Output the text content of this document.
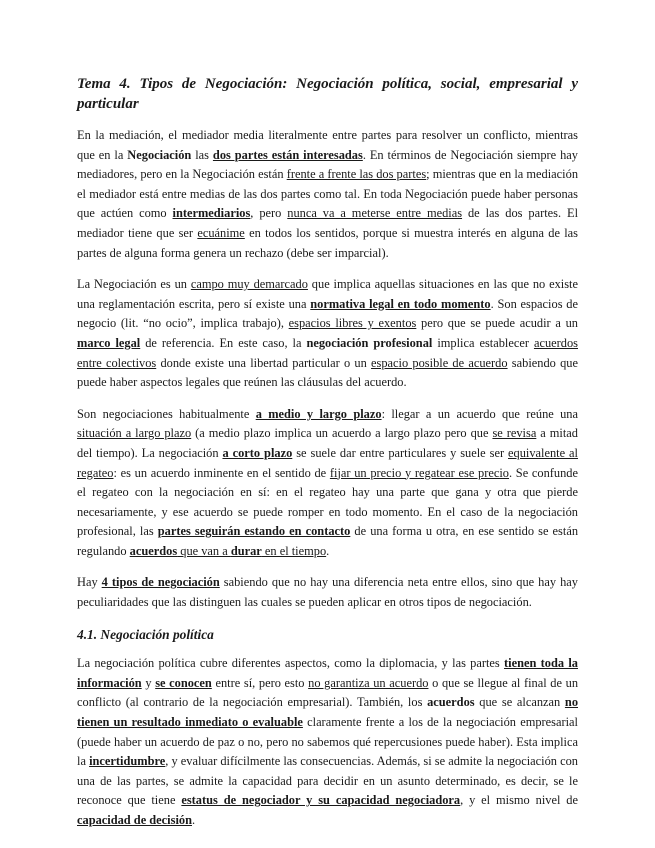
Tema 4. Tipos de Negociación: Negociación política, social, empresarial y particular

En la mediación, el mediador media literalmente entre partes para resolver un conflicto, mientras que en la Negociación las dos partes están interesadas. En términos de Negociación siempre hay mediadores, pero en la Negociación están frente a frente las dos partes; mientras que en la mediación el mediador está entre medias de las dos partes como tal. En toda Negociación puede haber personas que actúen como intermediarios, pero nunca va a meterse entre medias de las dos partes. El mediador tiene que ser ecuánime en todos los sentidos, porque si muestra interés en alguna de las partes de alguna forma genera un rechazo (debe ser imparcial).

La Negociación es un campo muy demarcado que implica aquellas situaciones en las que no existe una reglamentación escrita, pero sí existe una normativa legal en todo momento. Son espacios de negocio (lit. “no ocio”, implica trabajo), espacios libres y exentos pero que se puede acudir a un marco legal de referencia. En este caso, la negociación profesional implica establecer acuerdos entre colectivos donde existe una libertad particular o un espacio posible de acuerdo sabiendo que puede haber aspectos legales que reúnen las cláusulas del acuerdo.

Son negociaciones habitualmente a medio y largo plazo: llegar a un acuerdo que reúne una situación a largo plazo (a medio plazo implica un acuerdo a largo plazo pero que se revisa a mitad del tiempo). La negociación a corto plazo se suele dar entre particulares y suele ser equivalente al regateo: es un acuerdo inminente en el sentido de fijar un precio y regatear ese precio. Se confunde el regateo con la negociación en sí: en el regateo hay una parte que gana y otra que pierde necesariamente, y ese acuerdo se puede romper en todo momento. En el caso de la negociación profesional, las partes seguirán estando en contacto de una forma u otra, en ese sentido se están regulando acuerdos que van a durar en el tiempo.

Hay 4 tipos de negociación sabiendo que no hay una diferencia neta entre ellos, sino que hay hay peculiaridades que las distinguen las cuales se pueden aplicar en otros tipos de negociación.

4.1. Negociación política

La negociación política cubre diferentes aspectos, como la diplomacia, y las partes tienen toda la información y se conocen entre sí, pero esto no garantiza un acuerdo o que se llegue al final de un conflicto (al contrario de la negociación empresarial). También, los acuerdos que se alcanzan no tienen un resultado inmediato o evaluable claramente frente a los de la negociación empresarial (puede haber un acuerdo de paz o no, pero no sabemos qué repercusiones puede haber). Esta implica la incertidumbre, y evaluar difícilmente las consecuencias. Además, si se admite la negociación con una de las partes, se admite la capacidad para decidir en un asunto determinado, es decir, se le reconoce que tiene estatus de negociador y su capacidad negociadora, y el mismo nivel de capacidad de decisión.
